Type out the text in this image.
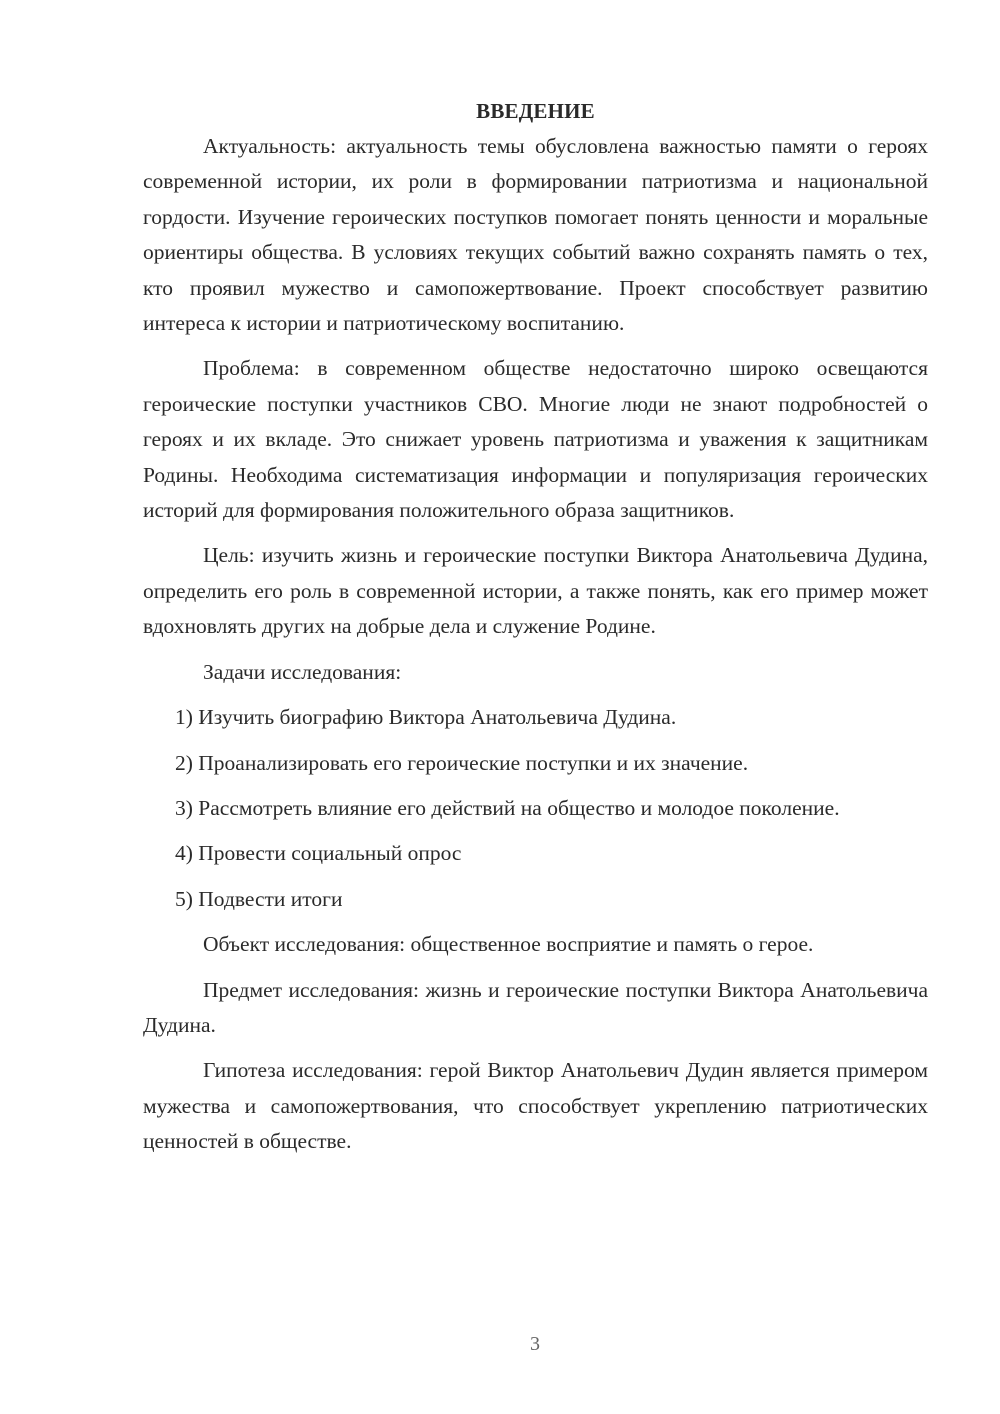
ВВЕДЕНИЕ

Актуальность: актуальность темы обусловлена важностью памяти о героях современной истории, их роли в формировании патриотизма и национальной гордости. Изучение героических поступков помогает понять ценности и моральные ориентиры общества. В условиях текущих событий важно сохранять память о тех, кто проявил мужество и самопожертвование. Проект способствует развитию интереса к истории и патриотическому воспитанию.

Проблема: в современном обществе недостаточно широко освещаются героические поступки участников СВО. Многие люди не знают подробностей о героях и их вкладе. Это снижает уровень патриотизма и уважения к защитникам Родины. Необходима систематизация информации и популяризация героических историй для формирования положительного образа защитников.

Цель: изучить жизнь и героические поступки Виктора Анатольевича Дудина, определить его роль в современной истории, а также понять, как его пример может вдохновлять других на добрые дела и служение Родине.

Задачи исследования:

1) Изучить биографию Виктора Анатольевича Дудина.

2) Проанализировать его героические поступки и их значение.

3) Рассмотреть влияние его действий на общество и молодое поколение.

4) Провести социальный опрос

5) Подвести итоги

Объект исследования: общественное восприятие и память о герое.

Предмет исследования: жизнь и героические поступки Виктора Анатольевича Дудина.

Гипотеза исследования: герой Виктор Анатольевич Дудин является примером мужества и самопожертвования, что способствует укреплению патриотических ценностей в обществе.

3
